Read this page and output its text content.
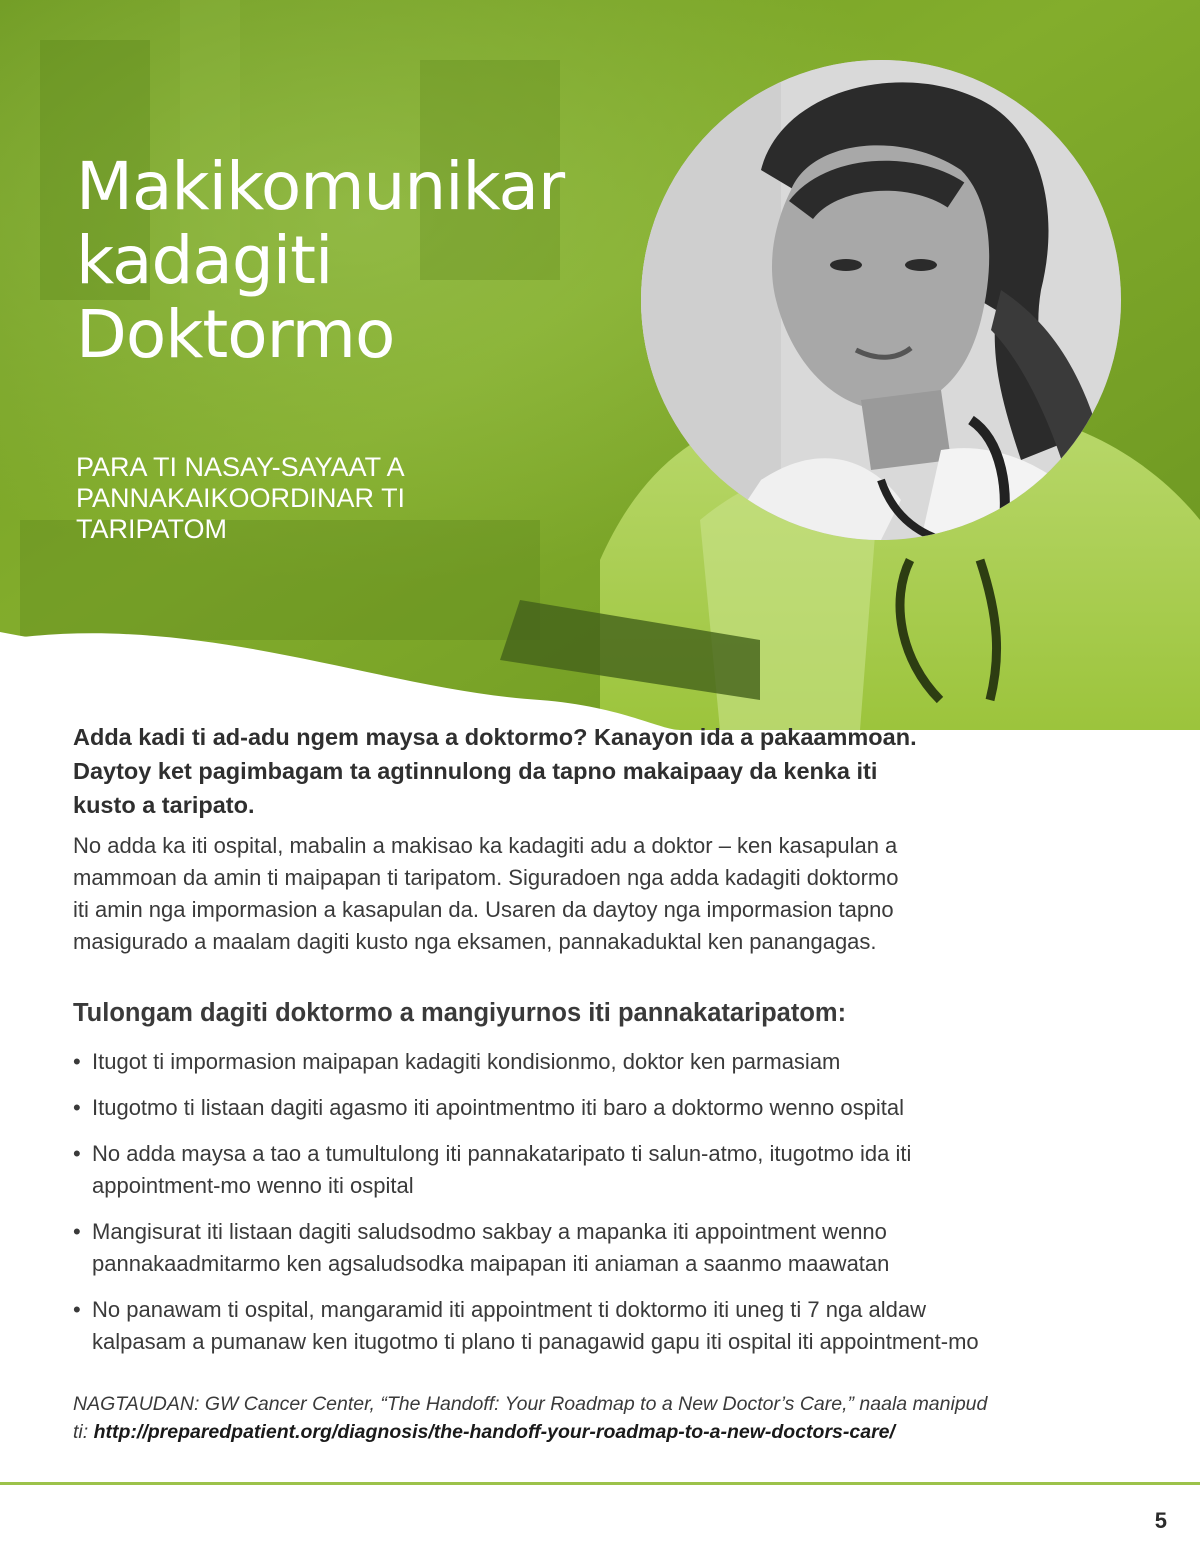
Makikomunikar
kadagiti
Doktormo
PARA TI NASAY-SAYAAT A
PANNAKAIKOORDINAR TI
TARIPATOM

Adda kadi ti ad-adu ngem maysa a doktormo? Kanayon ida a pakaammoan.
Daytoy ket pagimbagam ta agtinnulong da tapno makaipaay da kenka iti
kusto a taripato.

No adda ka iti ospital, mabalin a makisao ka kadagiti adu a doktor – ken kasapulan a
mammoan da amin ti maipapan ti taripatom. Siguradoen nga adda kadagiti doktormo
iti amin nga impormasion a kasapulan da. Usaren da daytoy nga impormasion tapno
masigurado a maalam dagiti kusto nga eksamen, pannakaduktal ken panangagas.

Tulongam dagiti doktormo a mangiyurnos iti pannakataripatom:
• Itugot ti impormasion maipapan kadagiti kondisionmo, doktor ken parmasiam
• Itugotmo ti listaan dagiti agasmo iti apointmentmo iti baro a doktormo wenno ospital
• No adda maysa a tao a tumultulong iti pannakataripato ti salun-atmo, itugotmo ida iti
appointment-mo wenno iti ospital
• Mangisurat iti listaan dagiti saludsodmo sakbay a mapanka iti appointment wenno
pannakaadmitarmo ken agsaludsodka maipapan iti aniaman a saanmo maawatan
• No panawam ti ospital, mangaramid iti appointment ti doktormo iti uneg ti 7 nga aldaw
kalpasam a pumanaw ken itugotmo ti plano ti panagawid gapu iti ospital iti appointment-mo

NAGTAUDAN: GW Cancer Center, “The Handoff: Your Roadmap to a New Doctor’s Care,” naala manipud
ti: http://preparedpatient.org/diagnosis/the-handoff-your-roadmap-to-a-new-doctors-care/

5
